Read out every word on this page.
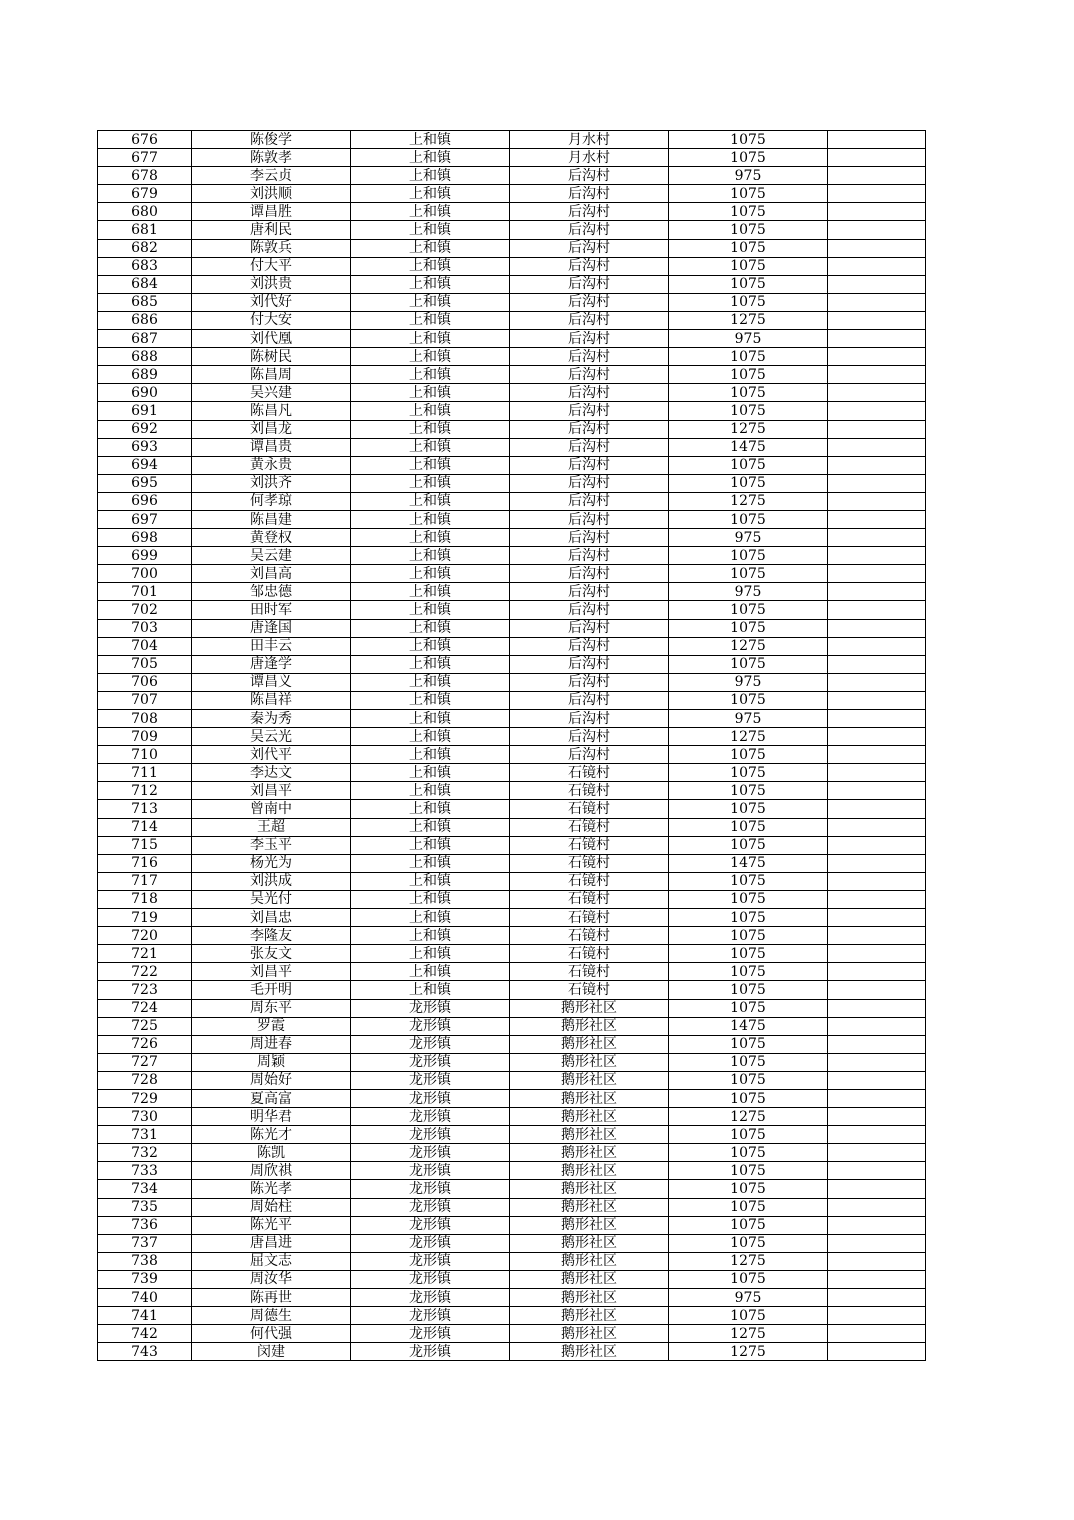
676	陈俊学	上和镇	月水村	1075	
677	陈敦孝	上和镇	月水村	1075	
678	李云贞	上和镇	后沟村	975	
679	刘洪顺	上和镇	后沟村	1075	
680	谭昌胜	上和镇	后沟村	1075	
681	唐利民	上和镇	后沟村	1075	
682	陈敦兵	上和镇	后沟村	1075	
683	付大平	上和镇	后沟村	1075	
684	刘洪贵	上和镇	后沟村	1075	
685	刘代好	上和镇	后沟村	1075	
686	付大安	上和镇	后沟村	1275	
687	刘代凰	上和镇	后沟村	975	
688	陈树民	上和镇	后沟村	1075	
689	陈昌周	上和镇	后沟村	1075	
690	吴兴建	上和镇	后沟村	1075	
691	陈昌凡	上和镇	后沟村	1075	
692	刘昌龙	上和镇	后沟村	1275	
693	谭昌贵	上和镇	后沟村	1475	
694	黄永贵	上和镇	后沟村	1075	
695	刘洪齐	上和镇	后沟村	1075	
696	何孝琼	上和镇	后沟村	1275	
697	陈昌建	上和镇	后沟村	1075	
698	黄登权	上和镇	后沟村	975	
699	吴云建	上和镇	后沟村	1075	
700	刘昌高	上和镇	后沟村	1075	
701	邹忠德	上和镇	后沟村	975	
702	田时军	上和镇	后沟村	1075	
703	唐逢国	上和镇	后沟村	1075	
704	田丰云	上和镇	后沟村	1275	
705	唐逢学	上和镇	后沟村	1075	
706	谭昌义	上和镇	后沟村	975	
707	陈昌祥	上和镇	后沟村	1075	
708	秦为秀	上和镇	后沟村	975	
709	吴云光	上和镇	后沟村	1275	
710	刘代平	上和镇	后沟村	1075	
711	李达文	上和镇	石镜村	1075	
712	刘昌平	上和镇	石镜村	1075	
713	曾南中	上和镇	石镜村	1075	
714	王超	上和镇	石镜村	1075	
715	李玉平	上和镇	石镜村	1075	
716	杨光为	上和镇	石镜村	1475	
717	刘洪成	上和镇	石镜村	1075	
718	吴光付	上和镇	石镜村	1075	
719	刘昌忠	上和镇	石镜村	1075	
720	李隆友	上和镇	石镜村	1075	
721	张友文	上和镇	石镜村	1075	
722	刘昌平	上和镇	石镜村	1075	
723	毛开明	上和镇	石镜村	1075	
724	周东平	龙形镇	鹅形社区	1075	
725	罗霞	龙形镇	鹅形社区	1475	
726	周进春	龙形镇	鹅形社区	1075	
727	周颖	龙形镇	鹅形社区	1075	
728	周始好	龙形镇	鹅形社区	1075	
729	夏高富	龙形镇	鹅形社区	1075	
730	明华君	龙形镇	鹅形社区	1275	
731	陈光才	龙形镇	鹅形社区	1075	
732	陈凯	龙形镇	鹅形社区	1075	
733	周欣祺	龙形镇	鹅形社区	1075	
734	陈光孝	龙形镇	鹅形社区	1075	
735	周始柱	龙形镇	鹅形社区	1075	
736	陈光平	龙形镇	鹅形社区	1075	
737	唐昌进	龙形镇	鹅形社区	1075	
738	屈文志	龙形镇	鹅形社区	1275	
739	周汝华	龙形镇	鹅形社区	1075	
740	陈再世	龙形镇	鹅形社区	975	
741	周德生	龙形镇	鹅形社区	1075	
742	何代强	龙形镇	鹅形社区	1275	
743	闵建	龙形镇	鹅形社区	1275	
